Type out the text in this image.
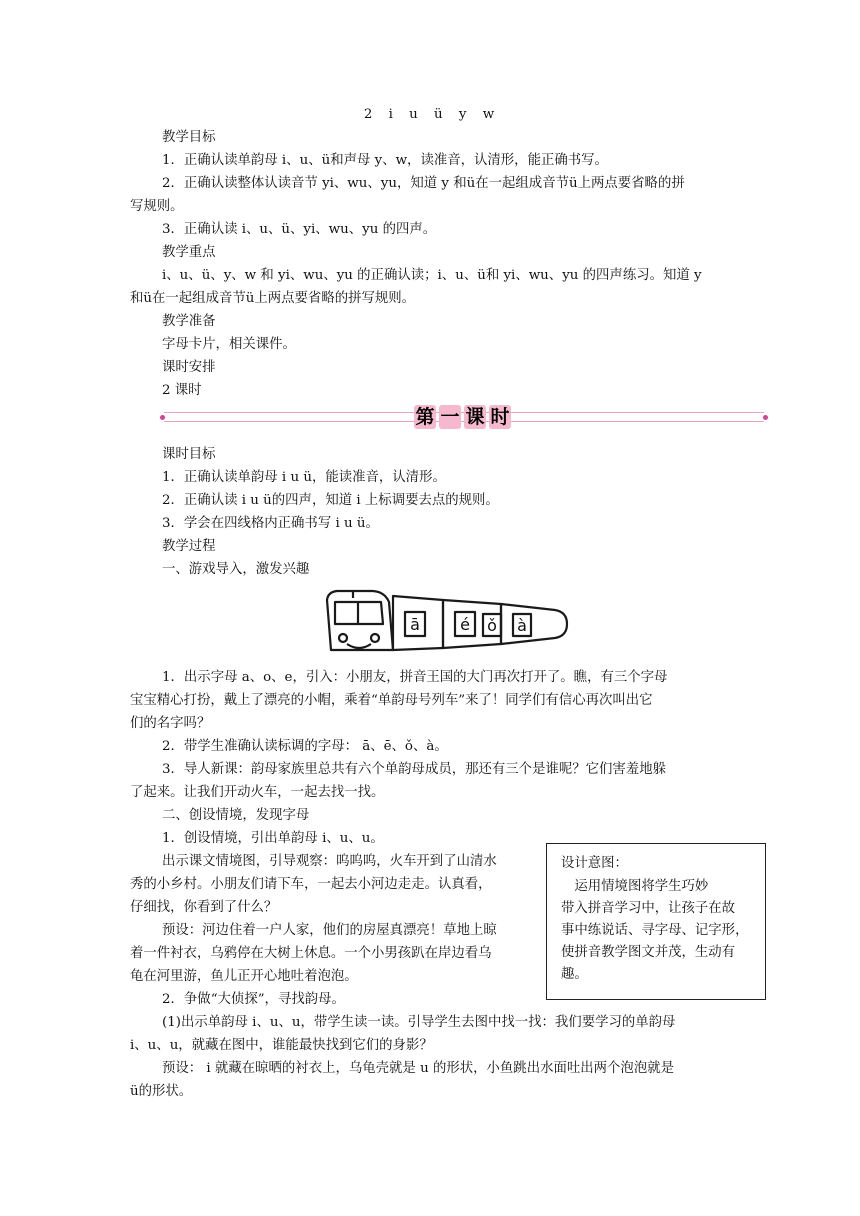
2 i u ü y w
教学目标
1．正确认读单韵母 i、u、ü和声母 y、w，读准音，认清形，能正确书写。
2．正确认读整体认读音节 yi、wu、yu，知道 y 和ü在一起组成音节ü上两点要省略的拼
写规则。
3．正确认读 i、u、ü、yi、wu、yu 的四声。
教学重点
i、u、ü、y、w 和 yi、wu、yu 的正确认读；i、u、ü和 yi、wu、yu 的四声练习。知道 y
和ü在一起组成音节ü上两点要省略的拼写规则。
教学准备
字母卡片，相关课件。
课时安排
2 课时
第 一 课 时
课时目标
1．正确认读单韵母 i u ü，能读准音，认清形。
2．正确认读 i u ü的四声，知道 i 上标调要去点的规则。
3．学会在四线格内正确书写 i u ü。
教学过程
一、游戏导入，激发兴趣
ā	é ǒ à
1．出示字母 a、o、e，引入：小朋友，拼音王国的大门再次打开了。瞧，有三个字母
宝宝精心打扮，戴上了漂亮的小帽，乘着“单韵母号列车”来了！同学们有信心再次叫出它
们的名字吗？
2．带学生准确认读标调的字母： ā、ē、ǒ、à。
3．导人新课：韵母家族里总共有六个单韵母成员，那还有三个是谁呢？它们害羞地躲
了起来。让我们开动火车，一起去找一找。
二、创设情境，发现字母
1．创设情境，引出单韵母 i、u、u。
出示课文情境图，引导观察：呜呜呜，火车开到了山清水
秀的小乡村。小朋友们请下车，一起去小河边走走。认真看，
仔细找，你看到了什么？
预设：河边住着一户人家，他们的房屋真漂亮！草地上晾
着一件衬衣，乌鸦停在大树上休息。一个小男孩趴在岸边看乌
龟在河里游，鱼儿正开心地吐着泡泡。
2．争做“大侦探”，寻找韵母。
(1)出示单韵母 i、u、u，带学生读一读。引导学生去图中找一找：我们要学习的单韵母
i、u、u，就藏在图中，谁能最快找到它们的身影？
预设： i 就藏在晾晒的衬衣上，乌龟壳就是 u 的形状，小鱼跳出水面吐出两个泡泡就是
ü的形状。
设计意图：
　运用情境图将学生巧妙
带入拼音学习中，让孩子在故
事中练说话、寻字母、记字形，
使拼音教学图文并茂，生动有
趣。
